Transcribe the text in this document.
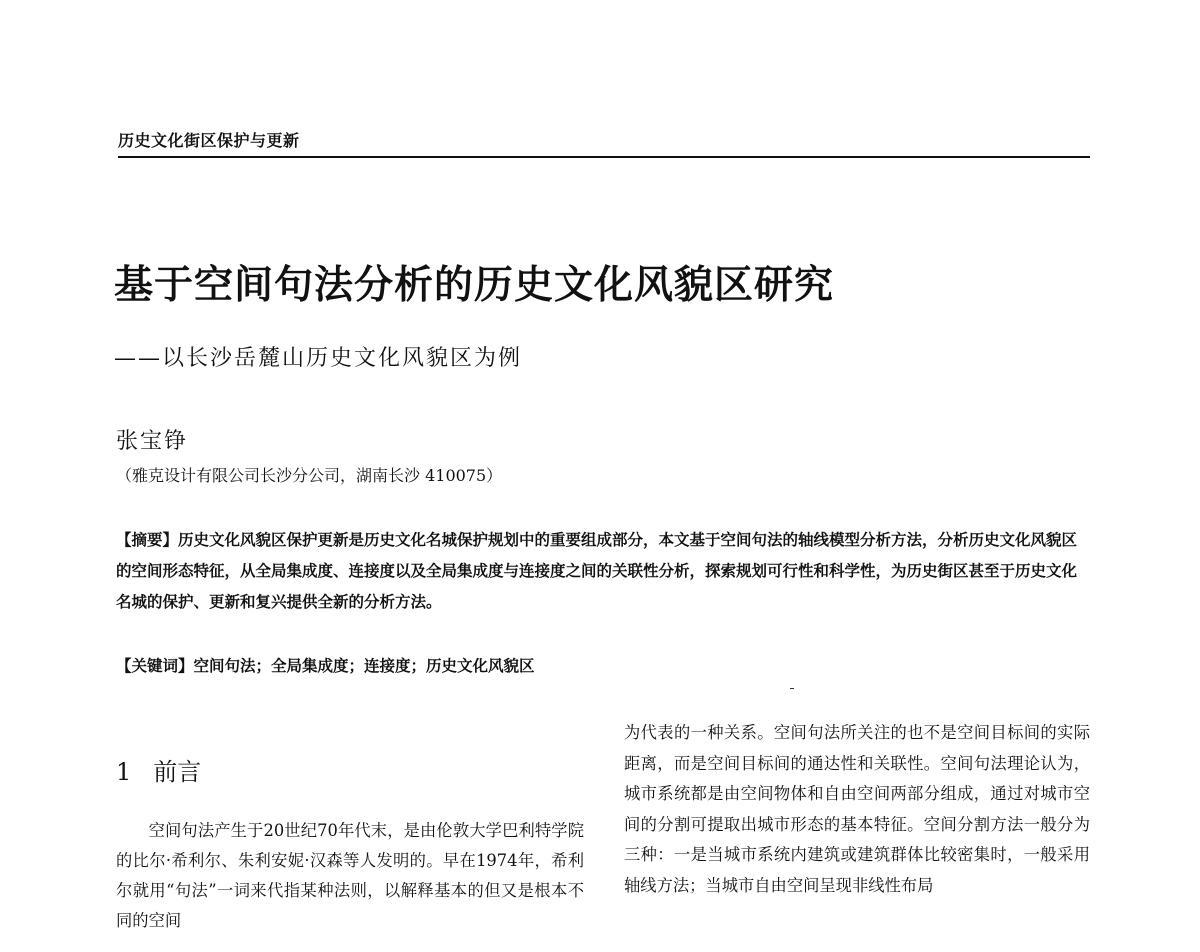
历史文化街区保护与更新
基于空间句法分析的历史文化风貌区研究
——以长沙岳麓山历史文化风貌区为例
张宝铮
（雅克设计有限公司长沙分公司，湖南长沙 410075）
【摘要】历史文化风貌区保护更新是历史文化名城保护规划中的重要组成部分，本文基于空间句法的轴线模型分析方法，分析历史文化风貌区的空间形态特征，从全局集成度、连接度以及全局集成度与连接度之间的关联性分析，探索规划可行性和科学性，为历史街区甚至于历史文化名城的保护、更新和复兴提供全新的分析方法。
【关键词】空间句法；全局集成度；连接度；历史文化风貌区
1 前言

空间句法产生于20世纪70年代末，是由伦敦大学巴利特学院的比尔·希利尔、朱利安妮·汉森等人发明的。早在1974年，希利尔就用“句法”一词来代指某种法则，以解释基本的但又是根本不同的空间

为代表的一种关系。空间句法所关注的也不是空间目标间的实际距离，而是空间目标间的通达性和关联性。空间句法理论认为，城市系统都是由空间物体和自由空间两部分组成，通过对城市空间的分割可提取出城市形态的基本特征。空间分割方法一般分为三种：一是当城市系统内建筑或建筑群体比较密集时，一般采用轴线方法；当城市自由空间呈现非线性布局
